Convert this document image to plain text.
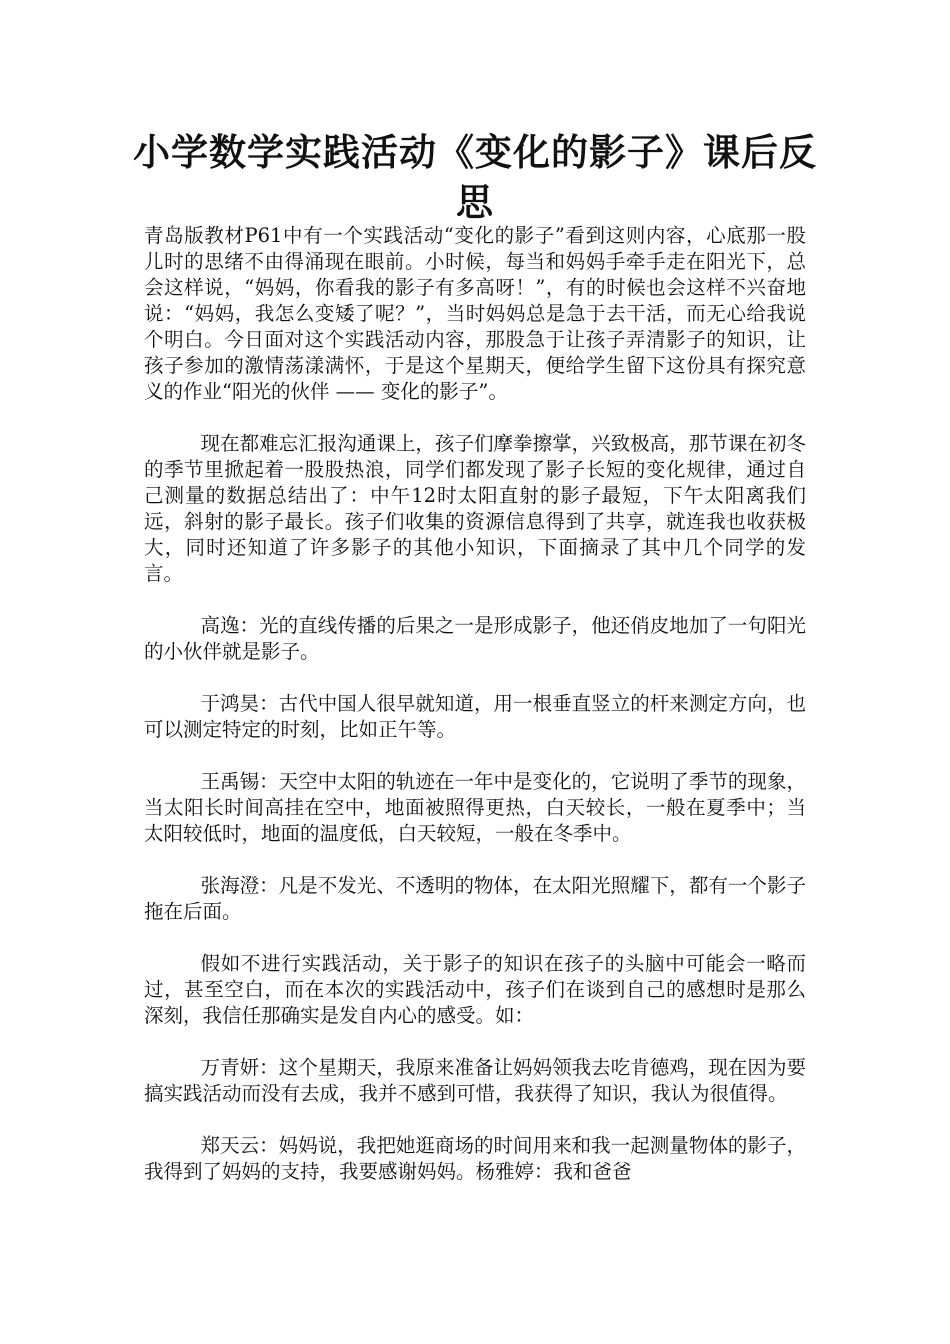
小学数学实践活动《变化的影子》课后反思

青岛版教材P61中有一个实践活动“变化的影子”看到这则内容，心底那一股儿时的思绪不由得涌现在眼前。小时候，每当和妈妈手牵手走在阳光下，总会这样说，“妈妈，你看我的影子有多高呀！”，有的时候也会这样不兴奋地说：“妈妈，我怎么变矮了呢？”，当时妈妈总是急于去干活，而无心给我说个明白。今日面对这个实践活动内容，那股急于让孩子弄清影子的知识，让孩子参加的激情荡漾满怀，于是这个星期天，便给学生留下这份具有探究意义的作业“阳光的伙伴 —— 变化的影子”。

现在都难忘汇报沟通课上，孩子们摩拳擦掌，兴致极高，那节课在初冬的季节里掀起着一股股热浪，同学们都发现了影子长短的变化规律，通过自己测量的数据总结出了：中午12时太阳直射的影子最短，下午太阳离我们远，斜射的影子最长。孩子们收集的资源信息得到了共享，就连我也收获极大，同时还知道了许多影子的其他小知识，下面摘录了其中几个同学的发言。

高逸：光的直线传播的后果之一是形成影子，他还俏皮地加了一句阳光的小伙伴就是影子。

于鸿昊：古代中国人很早就知道，用一根垂直竖立的杆来测定方向，也可以测定特定的时刻，比如正午等。

王禹锡：天空中太阳的轨迹在一年中是变化的，它说明了季节的现象，当太阳长时间高挂在空中，地面被照得更热，白天较长，一般在夏季中；当太阳较低时，地面的温度低，白天较短，一般在冬季中。

张海澄：凡是不发光、不透明的物体，在太阳光照耀下，都有一个影子拖在后面。

假如不进行实践活动，关于影子的知识在孩子的头脑中可能会一略而过，甚至空白，而在本次的实践活动中，孩子们在谈到自己的感想时是那么深刻，我信任那确实是发自内心的感受。如：

万青妍：这个星期天，我原来准备让妈妈领我去吃肯德鸡，现在因为要搞实践活动而没有去成，我并不感到可惜，我获得了知识，我认为很值得。

郑天云：妈妈说，我把她逛商场的时间用来和我一起测量物体的影子，我得到了妈妈的支持，我要感谢妈妈。杨雅婷：我和爸爸
